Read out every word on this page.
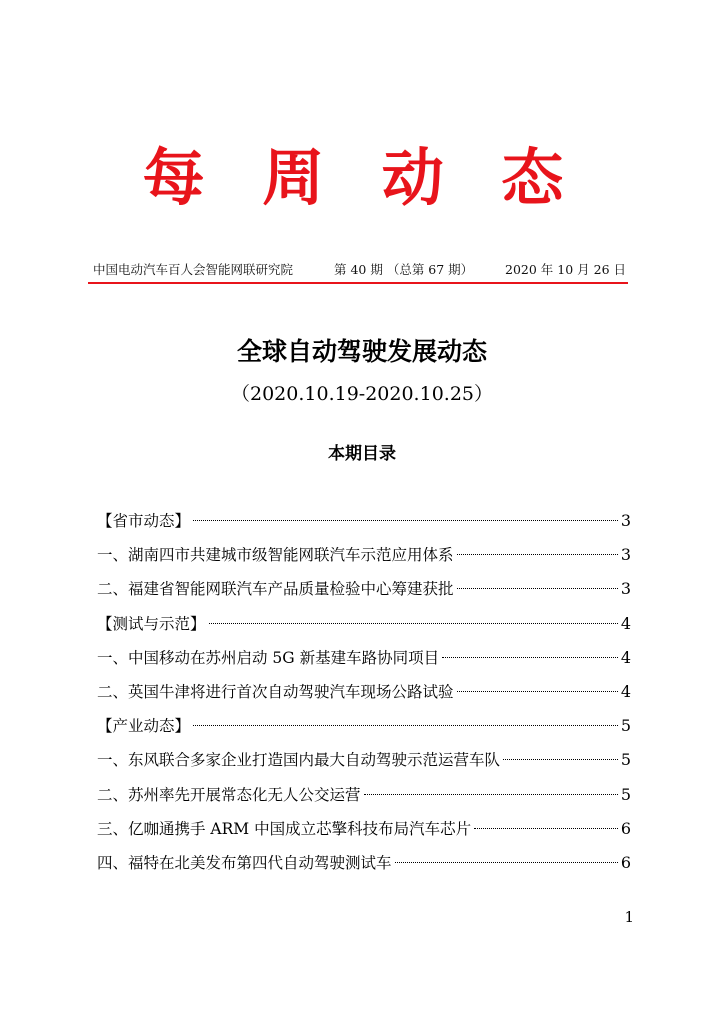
每 周 动 态
中国电动汽车百人会智能网联研究院	第 40 期 （总第 67 期）	2020 年 10 月 26 日
全球自动驾驶发展动态
（2020.10.19-2020.10.25）
本期目录
【省市动态】	3
一、湖南四市共建城市级智能网联汽车示范应用体系	3
二、福建省智能网联汽车产品质量检验中心筹建获批	3
【测试与示范】	4
一、中国移动在苏州启动 5G 新基建车路协同项目	4
二、英国牛津将进行首次自动驾驶汽车现场公路试验	4
【产业动态】	5
一、东风联合多家企业打造国内最大自动驾驶示范运营车队	5
二、苏州率先开展常态化无人公交运营	5
三、亿咖通携手 ARM 中国成立芯擎科技布局汽车芯片	6
四、福特在北美发布第四代自动驾驶测试车	6
1
